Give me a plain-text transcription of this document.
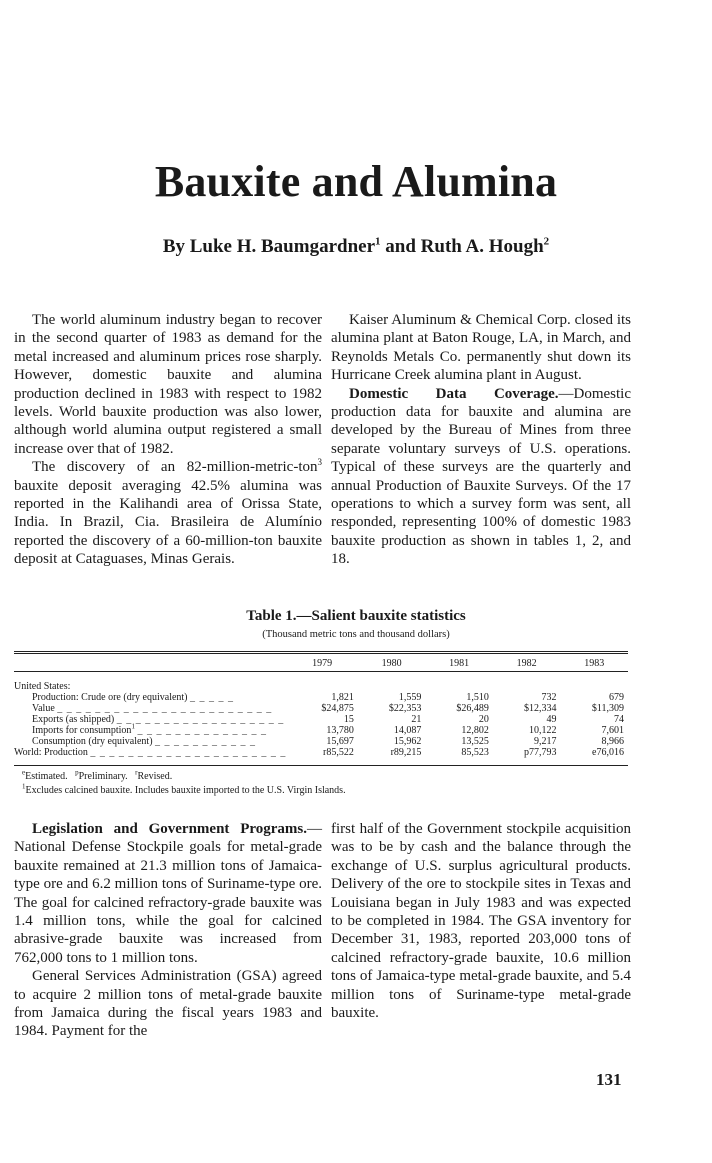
Bauxite and Alumina
By Luke H. Baumgardner$^1$ and Ruth A. Hough$^2$

The world aluminum industry began to recover in the second quarter of 1983 as demand for the metal increased and aluminum prices rose sharply. However, domestic bauxite and alumina production declined in 1983 with respect to 1982 levels. World bauxite production was also lower, although world alumina output registered a small increase over that of 1982.

The discovery of an 82-million-metric-ton$^3$ bauxite deposit averaging 42.5% alumina was reported in the Kalihandi area of Orissa State, India. In Brazil, Cia. Brasileira de Alumínio reported the discovery of a 60-million-ton bauxite deposit at Cataguases, Minas Gerais.

Kaiser Aluminum & Chemical Corp. closed its alumina plant at Baton Rouge, LA, in March, and Reynolds Metals Co. permanently shut down its Hurricane Creek alumina plant in August.

Domestic Data Coverage.—Domestic production data for bauxite and alumina are developed by the Bureau of Mines from three separate voluntary surveys of U.S. operations. Typical of these surveys are the quarterly and annual Production of Bauxite Surveys. Of the 17 operations to which a survey form was sent, all responded, representing 100% of domestic 1983 bauxite production as shown in tables 1, 2, and 18.

Table 1.—Salient bauxite statistics
(Thousand metric tons and thousand dollars)
	1979	1980	1981	1982	1983
United States:					
Production: Crude ore (dry equivalent) _ _ _ _ _	1,821	1,559	1,510	732	679
Value _ _ _ _ _ _ _ _ _ _ _ _ _ _ _ _ _ _ _ _ _ _ _	$24,875	$22,353	$26,489	$12,334	$11,309
Exports (as shipped) _ _ _ _ _ _ _ _ _ _ _ _ _ _ _ _ _ _	15	21	20	49	74
Imports for consumption$^1$ _ _ _ _ _ _ _ _ _ _ _ _ _ _	13,780	14,087	12,802	10,122	7,601
Consumption (dry equivalent) _ _ _ _ _ _ _ _ _ _ _	15,697	15,962	13,525	9,217	8,966
World: Production _ _ _ _ _ _ _ _ _ _ _ _ _ _ _ _ _ _ _ _ _	r85,522	r89,215	85,523	p77,793	e76,016
$^e$Estimated. $^p$Preliminary. $^r$Revised.
$^1$Excludes calcined bauxite. Includes bauxite imported to the U.S. Virgin Islands.

Legislation and Government Programs.—National Defense Stockpile goals for metal-grade bauxite remained at 21.3 million tons of Jamaica-type ore and 6.2 million tons of Suriname-type ore. The goal for calcined refractory-grade bauxite was 1.4 million tons, while the goal for calcined abrasive-grade bauxite was increased from 762,000 tons to 1 million tons.

General Services Administration (GSA) agreed to acquire 2 million tons of metal-grade bauxite from Jamaica during the fiscal years 1983 and 1984. Payment for the

first half of the Government stockpile acquisition was to be by cash and the balance through the exchange of U.S. surplus agricultural products. Delivery of the ore to stockpile sites in Texas and Louisiana began in July 1983 and was expected to be completed in 1984. The GSA inventory for December 31, 1983, reported 203,000 tons of calcined refractory-grade bauxite, 10.6 million tons of Jamaica-type metal-grade bauxite, and 5.4 million tons of Suriname-type metal-grade bauxite.

131
